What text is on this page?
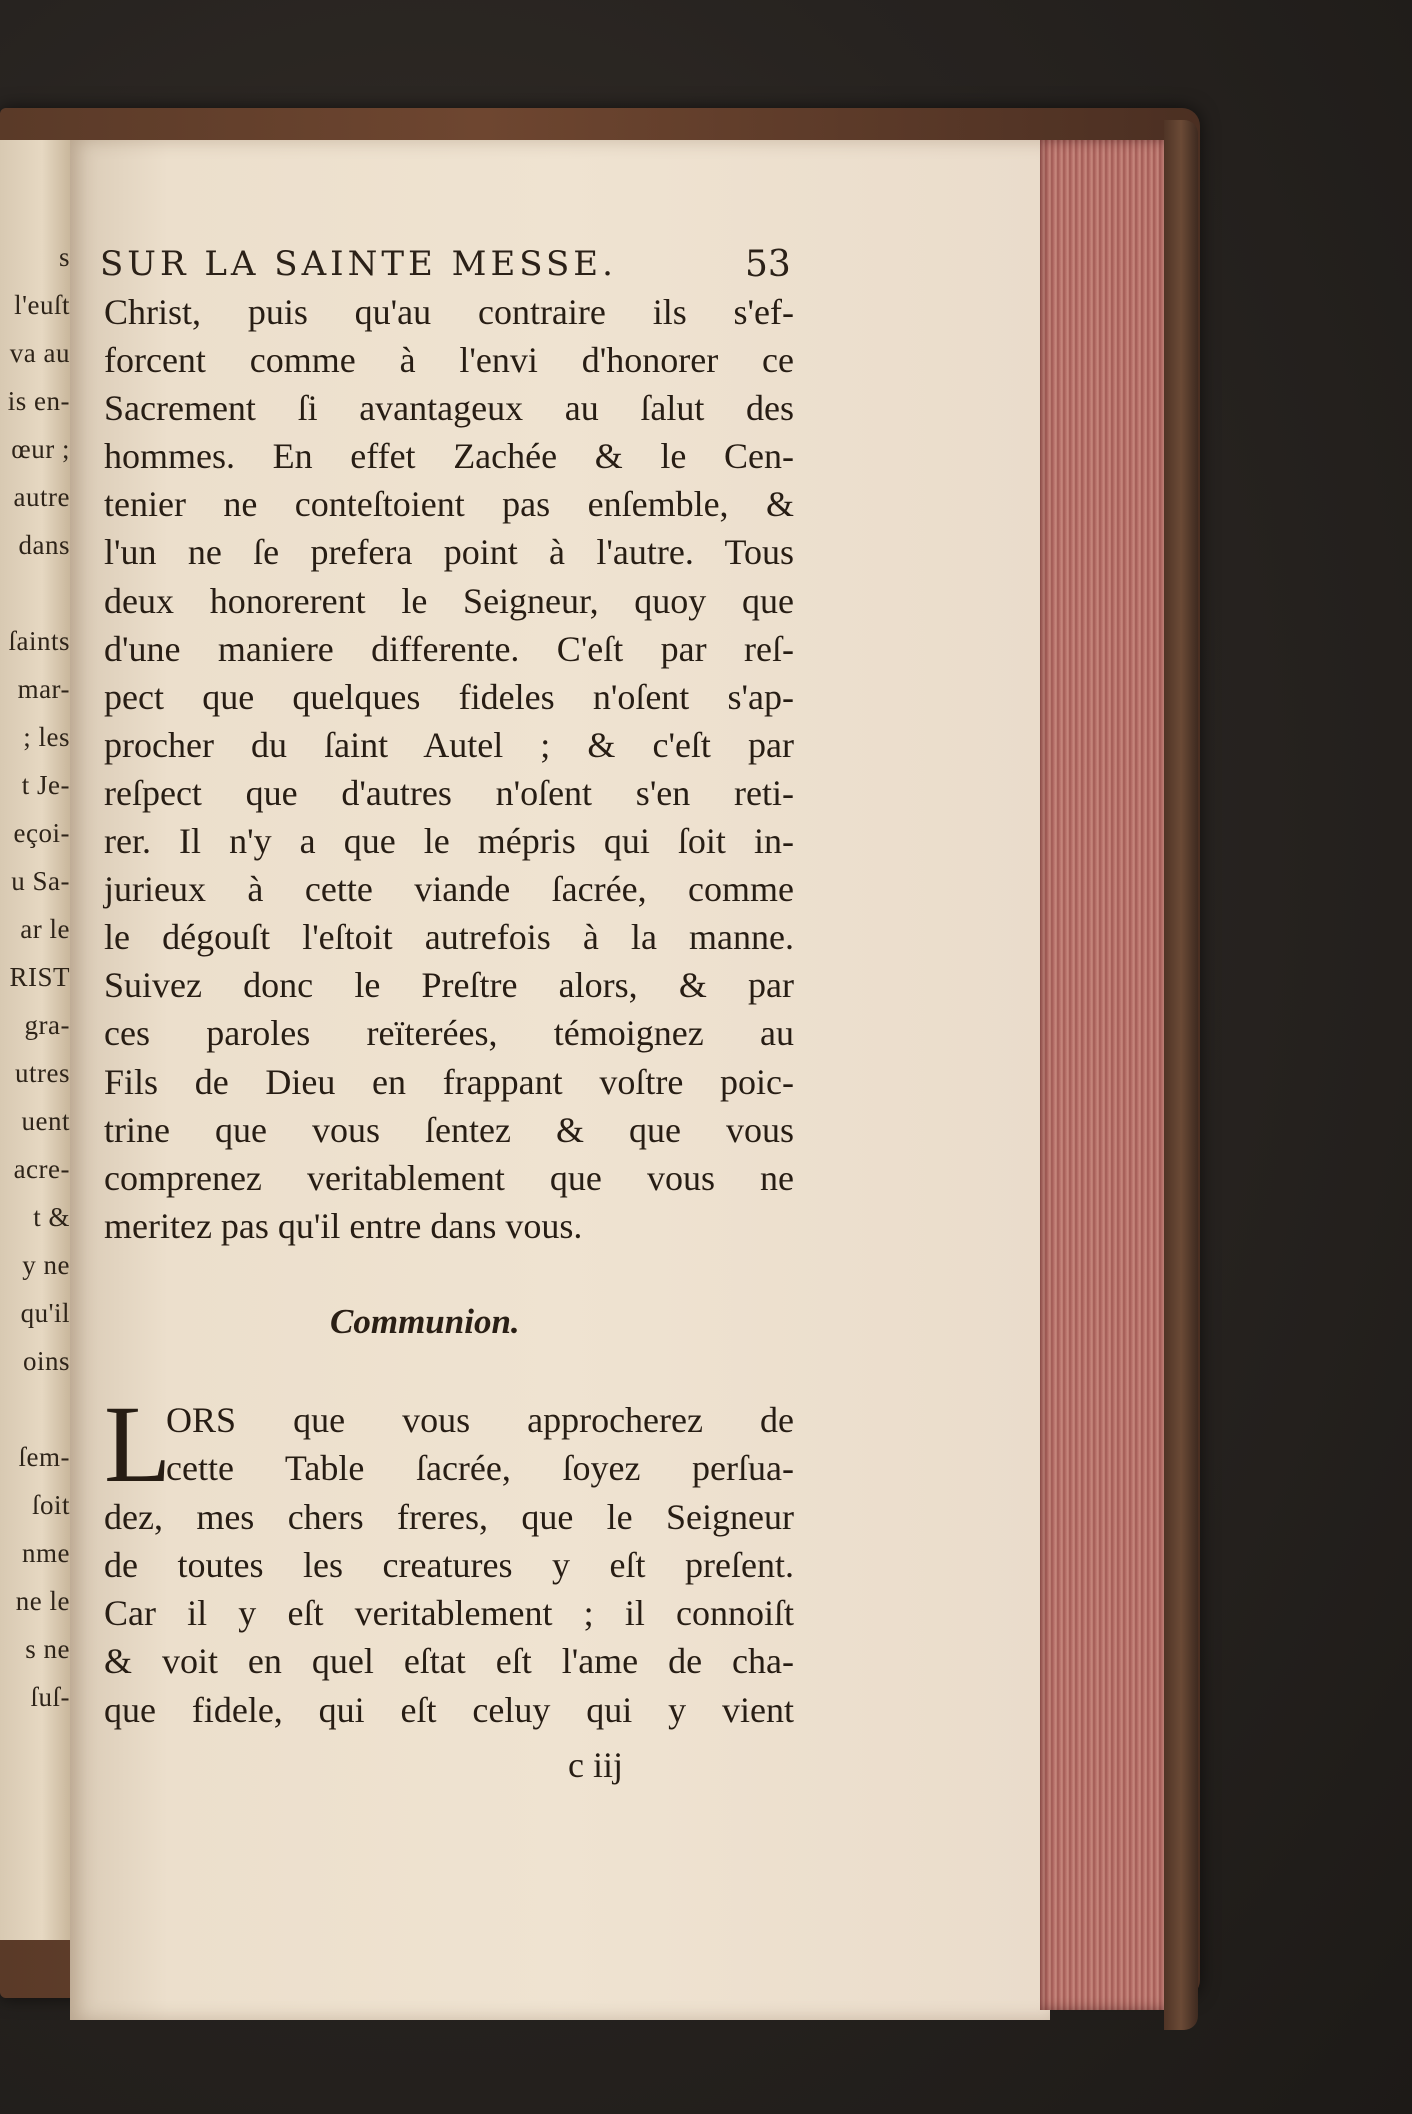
s
l'euſt
va au
is en-
œur ;
autre
dans
ſaints
mar-
; les
t Je-
eçoi-
u Sa-
ar le
RIST
gra-
utres
uent
acre-
t &
y ne
qu'il
oins
ſem-
ſoit
nme
ne le
s ne
ſuſ-
SUR LA SAINTE MESSE.	53
Christ, puis qu'au contraire ils s'ef-
forcent comme à l'envi d'honorer ce
Sacrement ſi avantageux au ſalut des
hommes. En effet Zachée & le Cen-
tenier ne conteſtoient pas enſemble, &
l'un ne ſe prefera point à l'autre. Tous
deux honorerent le Seigneur, quoy que
d'une maniere differente. C'eſt par reſ-
pect que quelques fideles n'oſent s'ap-
procher du ſaint Autel ; & c'eſt par
reſpect que d'autres n'oſent s'en reti-
rer. Il n'y a que le mépris qui ſoit in-
jurieux à cette viande ſacrée, comme
le dégouſt l'eſtoit autrefois à la manne.
Suivez donc le Preſtre alors, & par
ces paroles reïterées, témoignez au
Fils de Dieu en frappant voſtre poic-
trine que vous ſentez & que vous
comprenez veritablement que vous ne
meritez pas qu'il entre dans vous.
Communion.
L
ORS que vous approcherez de
cette Table ſacrée, ſoyez perſua-
dez, mes chers freres, que le Seigneur
de toutes les creatures y eſt preſent.
Car il y eſt veritablement ; il connoiſt
& voit en quel eſtat eſt l'ame de cha-
que fidele, qui eſt celuy qui y vient
c iij
